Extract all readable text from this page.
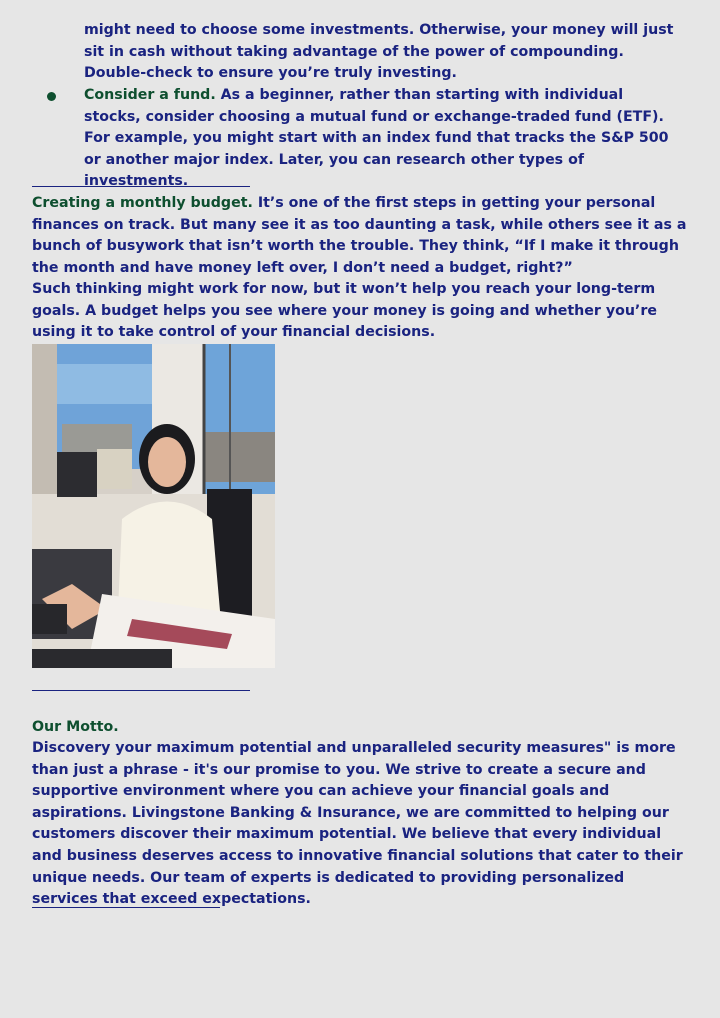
might need to choose some investments. Otherwise, your money will just sit in cash without taking advantage of the power of compounding. Double-check to ensure you’re truly investing.

Consider a fund. As a beginner, rather than starting with individual stocks, consider choosing a mutual fund or exchange-traded fund (ETF). For example, you might start with an index fund that tracks the S&P 500 or another major index. Later, you can research other types of investments.

Creating a monthly budget. It’s one of the first steps in getting your personal finances on track. But many see it as too daunting a task, while others see it as a bunch of busywork that isn’t worth the trouble. They think, “If I make it through the month and have money left over, I don’t need a budget, right?”

Such thinking might work for now, but it won’t help you reach your long-term goals. A budget helps you see where your money is going and whether you’re using it to take control of your financial decisions.

Our Motto.

Discovery your maximum potential and unparalleled security measures" is more than just a phrase - it's our promise to you. We strive to create a secure and supportive environment where you can achieve your financial goals and aspirations. Livingstone Banking & Insurance, we are committed to helping our customers discover their maximum potential. We believe that every individual and business deserves access to innovative financial solutions that cater to their unique needs. Our team of experts is dedicated to providing personalized services that exceed expectations.
